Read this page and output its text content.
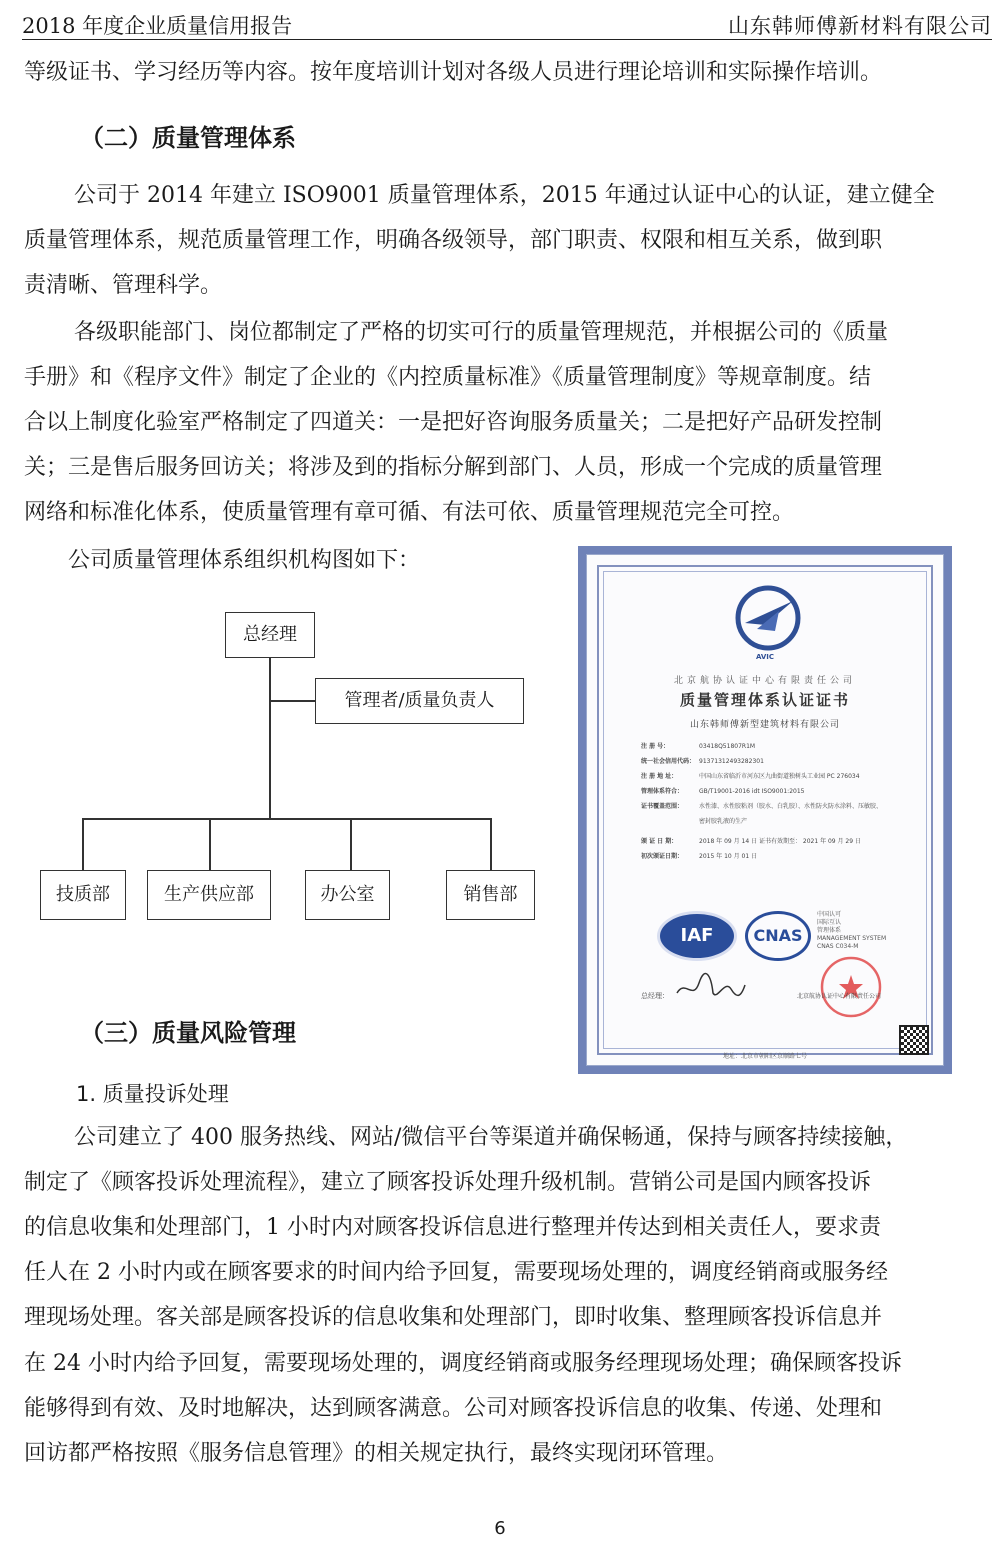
2018 年度企业质量信用报告	山东韩师傅新材料有限公司
等级证书、学习经历等内容。按年度培训计划对各级人员进行理论培训和实际操作培训。
（二）质量管理体系
公司于 2014 年建立 ISO9001 质量管理体系，2015 年通过认证中心的认证，建立健全
质量管理体系，规范质量管理工作，明确各级领导，部门职责、权限和相互关系，做到职
责清晰、管理科学。
各级职能部门、岗位都制定了严格的切实可行的质量管理规范，并根据公司的《质量
手册》和《程序文件》制定了企业的《内控质量标准》《质量管理制度》等规章制度。结
合以上制度化验室严格制定了四道关：一是把好咨询服务质量关；二是把好产品研发控制
关；三是售后服务回访关；将涉及到的指标分解到部门、人员，形成一个完成的质量管理
网络和标准化体系，使质量管理有章可循、有法可依、质量管理规范完全可控。
公司质量管理体系组织机构图如下：
总经理
管理者/质量负责人
技质部	生产供应部	办公室	销售部
AVIC
北京航协认证中心有限责任公司
质量管理体系认证证书
山东韩师傅新型建筑材料有限公司
注 册 号：	03418Q51807R1M
统一社会信用代码： 91371312493282301
注 册 地 址：	中国山东省临沂市河东区九曲街道独树头工业园 PC 276034
管理体系符合：	GB/T19001-2016 idt ISO9001:2015
证书覆盖范围：	水性漆、水性胶粘剂（胶水、白乳胶）、水性防火防水涂料、压敏胶、
密封胶乳液的生产
颁 证 日 期：	2018 年 09 月 14 日 证书有效期至： 2021 年 09 月 29 日
初次颁证日期：	2015 年 10 月 01 日
IAF	CNAS
中国认可
国际互认
管理体系
MANAGEMENT SYSTEM
CNAS C034-M
总经理：	北京航协认证中心有限责任公司
地址：北京市朝阳区京顺路七号
（三）质量风险管理
1. 质量投诉处理
公司建立了 400 服务热线、网站/微信平台等渠道并确保畅通，保持与顾客持续接触，
制定了《顾客投诉处理流程》，建立了顾客投诉处理升级机制。营销公司是国内顾客投诉
的信息收集和处理部门，1 小时内对顾客投诉信息进行整理并传达到相关责任人，要求责
任人在 2 小时内或在顾客要求的时间内给予回复，需要现场处理的，调度经销商或服务经
理现场处理。客关部是顾客投诉的信息收集和处理部门，即时收集、整理顾客投诉信息并
在 24 小时内给予回复，需要现场处理的，调度经销商或服务经理现场处理；确保顾客投诉
能够得到有效、及时地解决，达到顾客满意。公司对顾客投诉信息的收集、传递、处理和
回访都严格按照《服务信息管理》的相关规定执行，最终实现闭环管理。
6
